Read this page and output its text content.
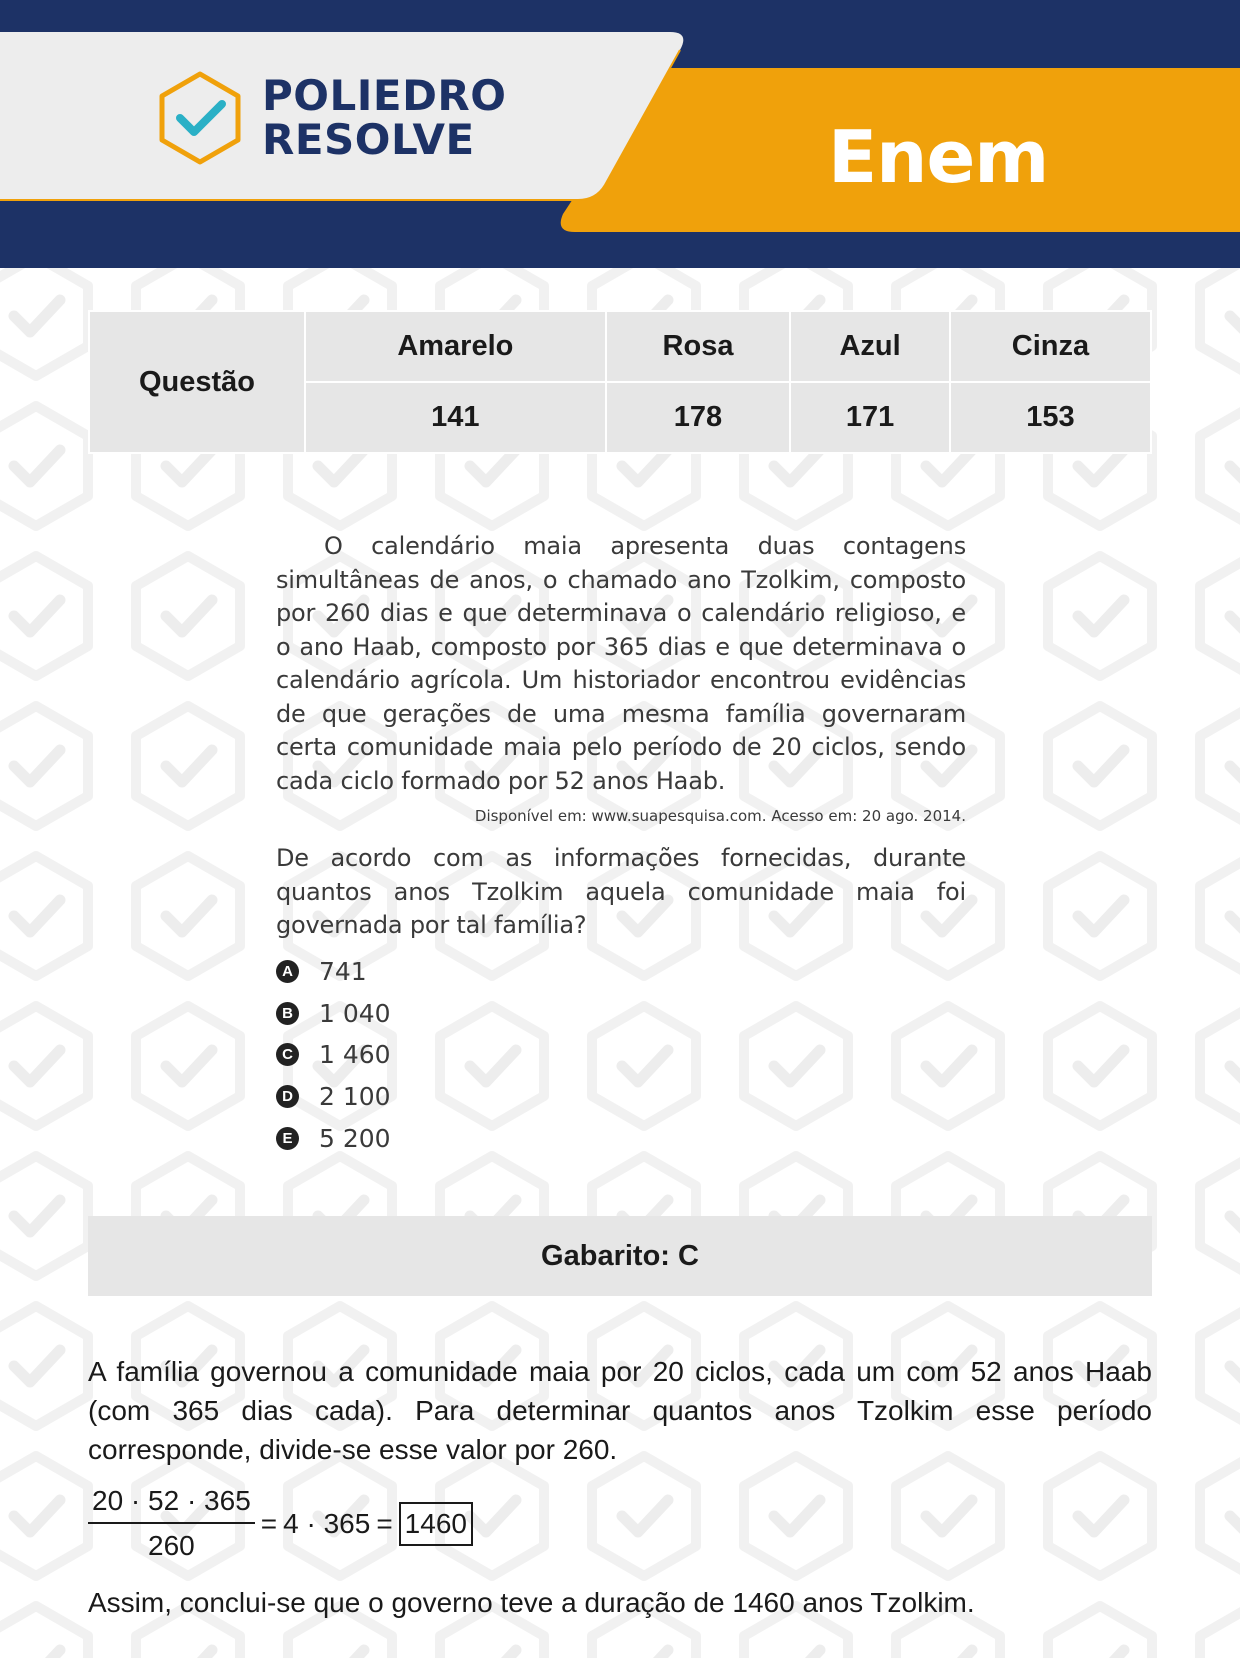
POLIEDRO
RESOLVE	Enem
Questão	Amarelo	Rosa	Azul	Cinza
	141	178	171	153

O calendário maia apresenta duas contagens simultâneas de anos, o chamado ano Tzolkim, composto por 260 dias e que determinava o calendário religioso, e o ano Haab, composto por 365 dias e que determinava o calendário agrícola. Um historiador encontrou evidências de que gerações de uma mesma família governaram certa comunidade maia pelo período de 20 ciclos, sendo cada ciclo formado por 52 anos Haab.

Disponível em: www.suapesquisa.com. Acesso em: 20 ago. 2014.

De acordo com as informações fornecidas, durante quantos anos Tzolkim aquela comunidade maia foi governada por tal família?

A 741
B 1 040
C 1 460
D 2 100
E 5 200
Gabarito: C

A família governou a comunidade maia por 20 ciclos, cada um com 52 anos Haab (com 365 dias cada). Para determinar quantos anos Tzolkim esse período corresponde, divide-se esse valor por 260.

$\frac{20 \cdot 52 \cdot 365}{260} = 4 \cdot 365 = 1460$

Assim, conclui-se que o governo teve a duração de 1460 anos Tzolkim.
